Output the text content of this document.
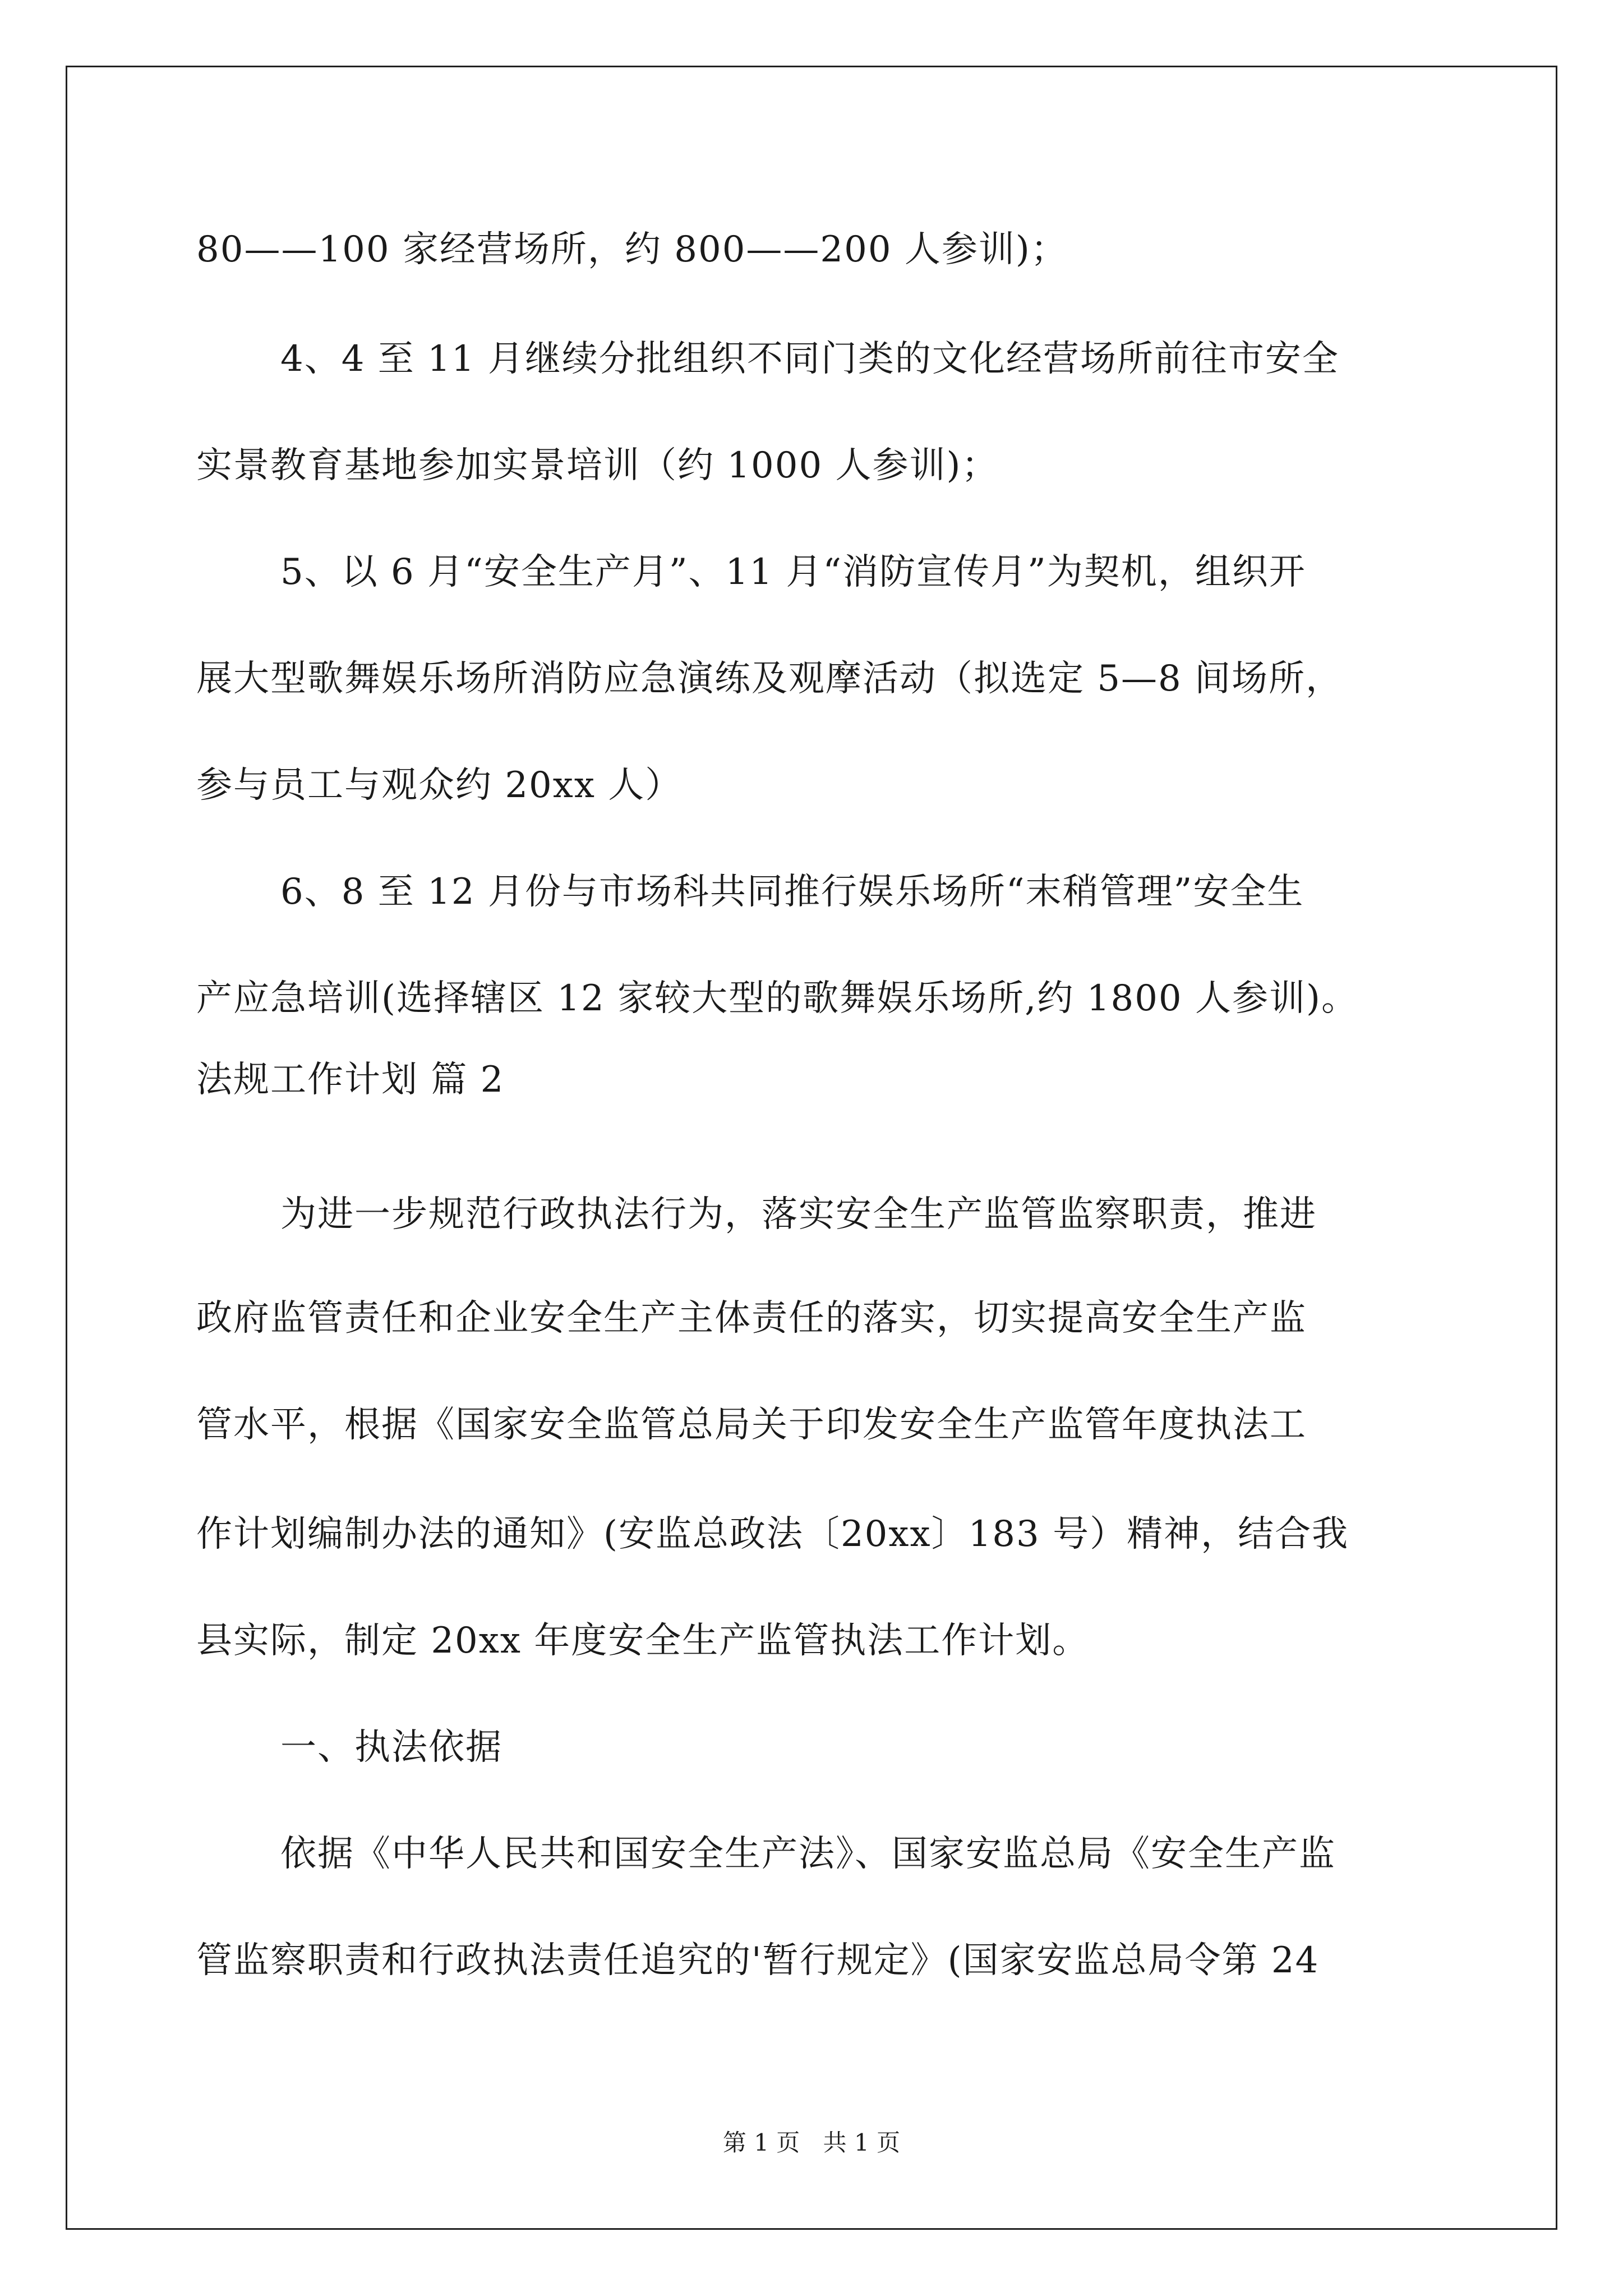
80——100 家经营场所，约 800——200 人参训)；
4、4 至 11 月继续分批组织不同门类的文化经营场所前往市安全
实景教育基地参加实景培训（约 1000 人参训)；
5、以 6 月“安全生产月”、11 月“消防宣传月”为契机，组织开
展大型歌舞娱乐场所消防应急演练及观摩活动（拟选定 5—8 间场所，
参与员工与观众约 20xx 人）
6、8 至 12 月份与市场科共同推行娱乐场所“末稍管理”安全生
产应急培训(选择辖区 12 家较大型的歌舞娱乐场所,约 1800 人参训)。
法规工作计划 篇 2
为进一步规范行政执法行为，落实安全生产监管监察职责，推进
政府监管责任和企业安全生产主体责任的落实，切实提高安全生产监
管水平，根据《国家安全监管总局关于印发安全生产监管年度执法工
作计划编制办法的通知》(安监总政法〔20xx〕183 号）精神，结合我
县实际，制定 20xx 年度安全生产监管执法工作计划。
一、执法依据
依据《中华人民共和国安全生产法》、国家安监总局《安全生产监
管监察职责和行政执法责任追究的'暂行规定》(国家安监总局令第 24
第 1 页 共 1 页
